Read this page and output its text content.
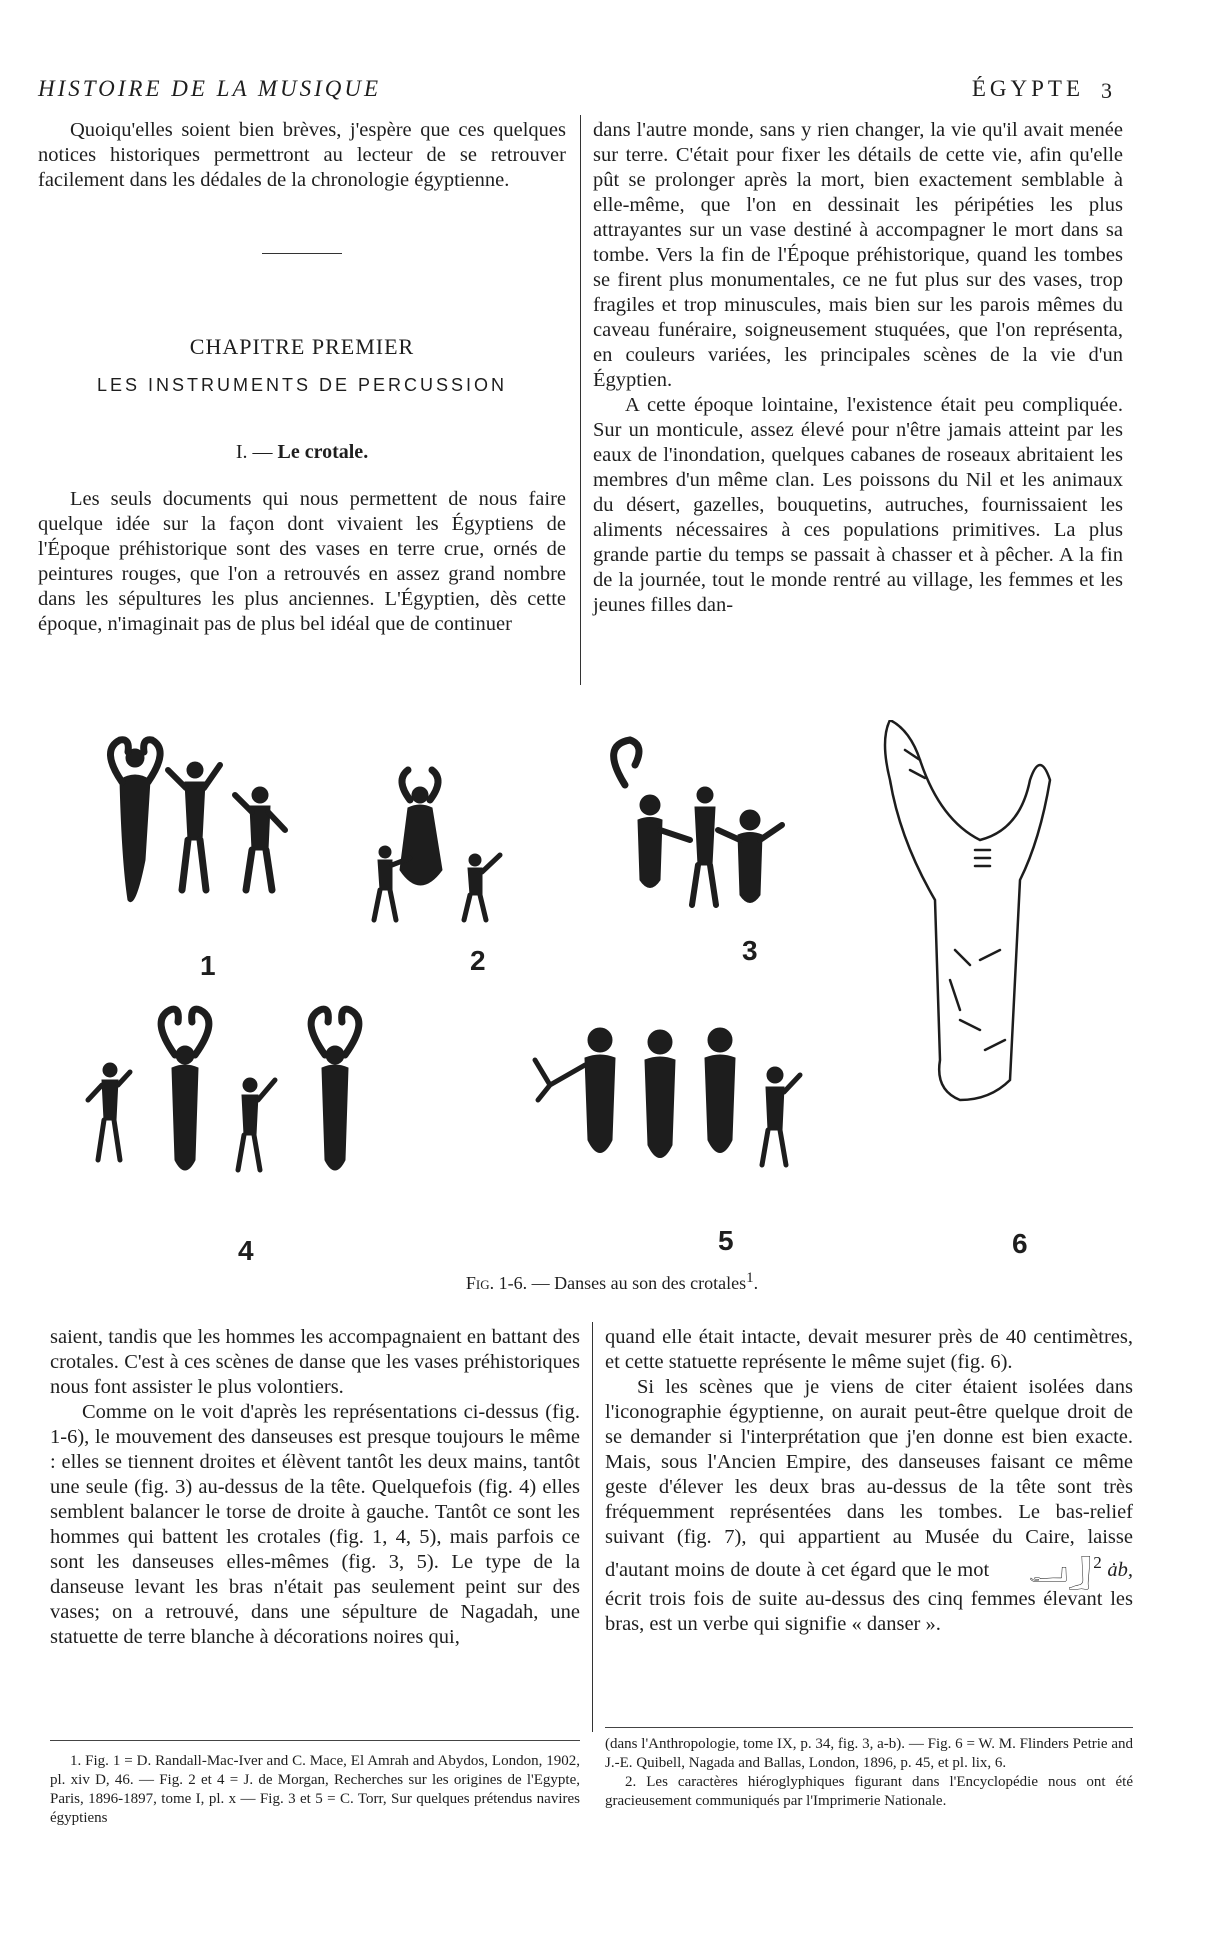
HISTOIRE DE LA MUSIQUE	ÉGYPTE 3

Quoiqu'elles soient bien brèves, j'espère que ces quelques notices historiques permettront au lecteur de se retrouver facilement dans les dédales de la chronologie égyptienne.

CHAPITRE PREMIER
LES INSTRUMENTS DE PERCUSSION
I. — Le crotale.

Les seuls documents qui nous permettent de nous faire quelque idée sur la façon dont vivaient les Égyptiens de l'Époque préhistorique sont des vases en terre crue, ornés de peintures rouges, que l'on a retrouvés en assez grand nombre dans les sépultures les plus anciennes. L'Égyptien, dès cette époque, n'imaginait pas de plus bel idéal que de continuer

dans l'autre monde, sans y rien changer, la vie qu'il avait menée sur terre. C'était pour fixer les détails de cette vie, afin qu'elle pût se prolonger après la mort, bien exactement semblable à elle-même, que l'on en dessinait les péripéties les plus attrayantes sur un vase destiné à accompagner le mort dans sa tombe. Vers la fin de l'Époque préhistorique, quand les tombes se firent plus monumentales, ce ne fut plus sur des vases, trop fragiles et trop minuscules, mais bien sur les parois mêmes du caveau funéraire, soigneusement stuquées, que l'on représenta, en couleurs variées, les principales scènes de la vie d'un Égyptien.

A cette époque lointaine, l'existence était peu compliquée. Sur un monticule, assez élevé pour n'être jamais atteint par les eaux de l'inondation, quelques cabanes de roseaux abritaient les membres d'un même clan. Les poissons du Nil et les animaux du désert, gazelles, bouquetins, autruches, fournissaient les aliments nécessaires à ces populations primitives. La plus grande partie du temps se passait à chasser et à pêcher. A la fin de la journée, tout le monde rentré au village, les femmes et les jeunes filles dan-

1	2	3
4	5	6
Fig. 1-6. — Danses au son des crotales$^1$.

saient, tandis que les hommes les accompagnaient en battant des crotales. C'est à ces scènes de danse que les vases préhistoriques nous font assister le plus volontiers.

Comme on le voit d'après les représentations ci-dessus (fig. 1-6), le mouvement des danseuses est presque toujours le même : elles se tiennent droites et élèvent tantôt les deux mains, tantôt une seule (fig. 3) au-dessus de la tête. Quelquefois (fig. 4) elles semblent balancer le torse de droite à gauche. Tantôt ce sont les hommes qui battent les crotales (fig. 1, 4, 5), mais parfois ce sont les danseuses elles-mêmes (fig. 3, 5). Le type de la danseuse levant les bras n'était pas seulement peint sur des vases; on a retrouvé, dans une sépulture de Nagadah, une statuette de terre blanche à décorations noires qui,

quand elle était intacte, devait mesurer près de 40 centimètres, et cette statuette représente le même sujet (fig. 6).

Si les scènes que je viens de citer étaient isolées dans l'iconographie égyptienne, on aurait peut-être quelque droit de se demander si l'interprétation que j'en donne est bien exacte. Mais, sous l'Ancien Empire, des danseuses faisant ce même geste d'élever les deux bras au-dessus de la tête sont très fréquemment représentées dans les tombes. Le bas-relief suivant (fig. 7), qui appartient au Musée du Caire, laisse d'autant moins de doute à cet égard que le mot 𓂝𓃀 $^2$ ȧb, écrit trois fois de suite au-dessus des cinq femmes élevant les bras, est un verbe qui signifie « danser ».

1. Fig. 1 = D. Randall-Mac-Iver and C. Mace, El Amrah and Abydos, London, 1902, pl. xiv D, 46. — Fig. 2 et 4 = J. de Morgan, Recherches sur les origines de l'Egypte, Paris, 1896-1897, tome I, pl. x — Fig. 3 et 5 = C. Torr, Sur quelques prétendus navires égyptiens

(dans l'Anthropologie, tome IX, p. 34, fig. 3, a-b). — Fig. 6 = W. M. Flinders Petrie and J.-E. Quibell, Nagada and Ballas, London, 1896, p. 45, et pl. lix, 6.

2. Les caractères hiéroglyphiques figurant dans l'Encyclopédie nous ont été gracieusement communiqués par l'Imprimerie Nationale.
